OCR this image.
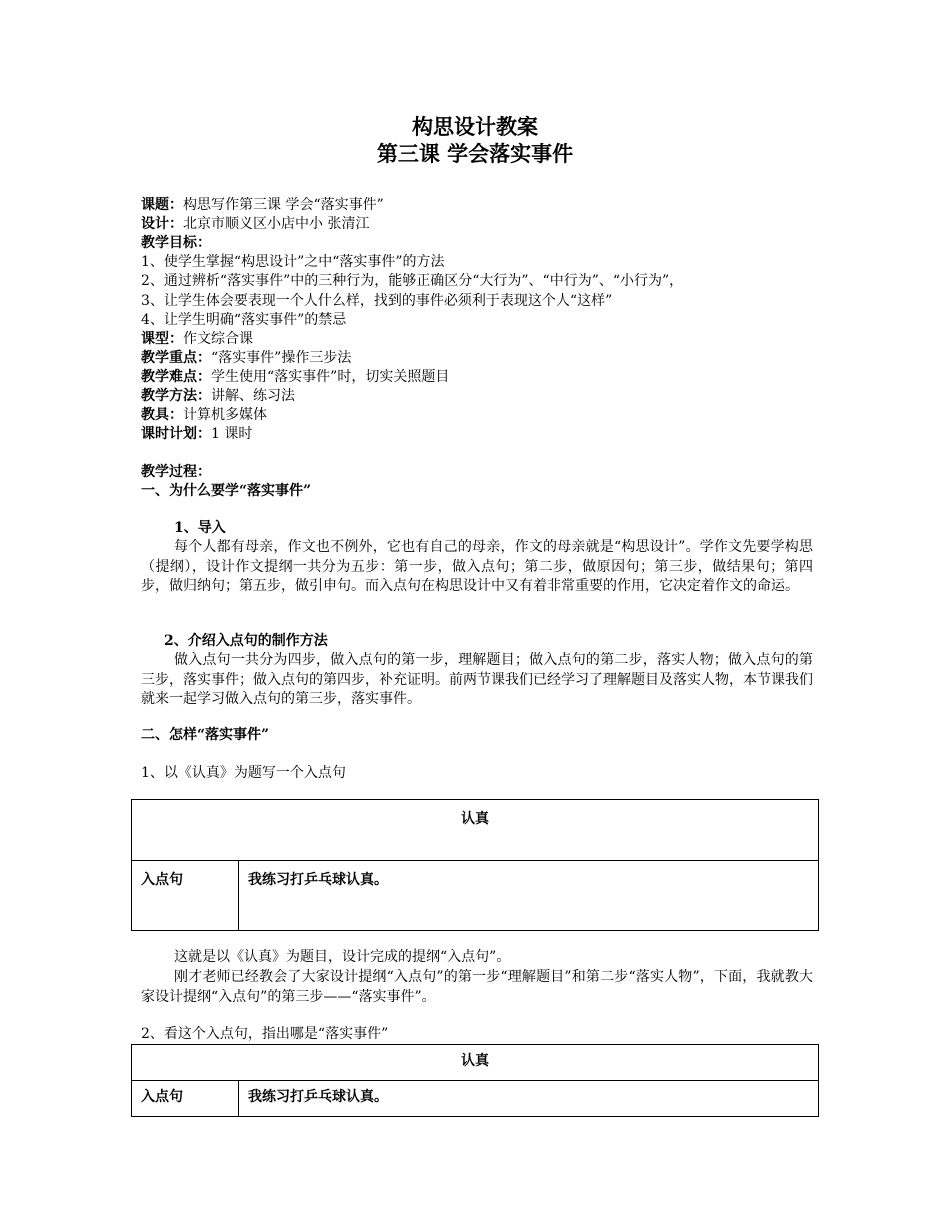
构思设计教案
第三课 学会落实事件
课题：构思写作第三课 学会“落实事件”
设计：北京市顺义区小店中小 张清江
教学目标：
1、使学生掌握“构思设计”之中“落实事件”的方法
2、通过辨析“落实事件”中的三种行为，能够正确区分“大行为”、“中行为”、“小行为”，
3、让学生体会要表现一个人什么样，找到的事件必须利于表现这个人“这样”
4、让学生明确“落实事件”的禁忌
课型：作文综合课
教学重点：“落实事件”操作三步法
教学难点：学生使用“落实事件”时，切实关照题目
教学方法：讲解、练习法
教具：计算机多媒体
课时计划：1 课时
教学过程：
一、为什么要学“落实事件”
1、导入
每个人都有母亲，作文也不例外，它也有自己的母亲，作文的母亲就是“构思设计”。学作文先要学构思（提纲），设计作文提纲一共分为五步：第一步，做入点句；第二步，做原因句；第三步，做结果句；第四步，做归纳句；第五步，做引申句。而入点句在构思设计中又有着非常重要的作用，它决定着作文的命运。
2、介绍入点句的制作方法
做入点句一共分为四步，做入点句的第一步，理解题目；做入点句的第二步，落实人物；做入点句的第三步，落实事件；做入点句的第四步，补充证明。前两节课我们已经学习了理解题目及落实人物，本节课我们就来一起学习做入点句的第三步，落实事件。
二、怎样“落实事件”
1、以《认真》为题写一个入点句
认真
入点句	我练习打乒乓球认真。
这就是以《认真》为题目，设计完成的提纲“入点句”。
刚才老师已经教会了大家设计提纲“入点句”的第一步“理解题目”和第二步“落实人物”，下面，我就教大家设计提纲“入点句”的第三步——“落实事件”。
2、看这个入点句，指出哪是“落实事件”
认真
入点句	我练习打乒乓球认真。
